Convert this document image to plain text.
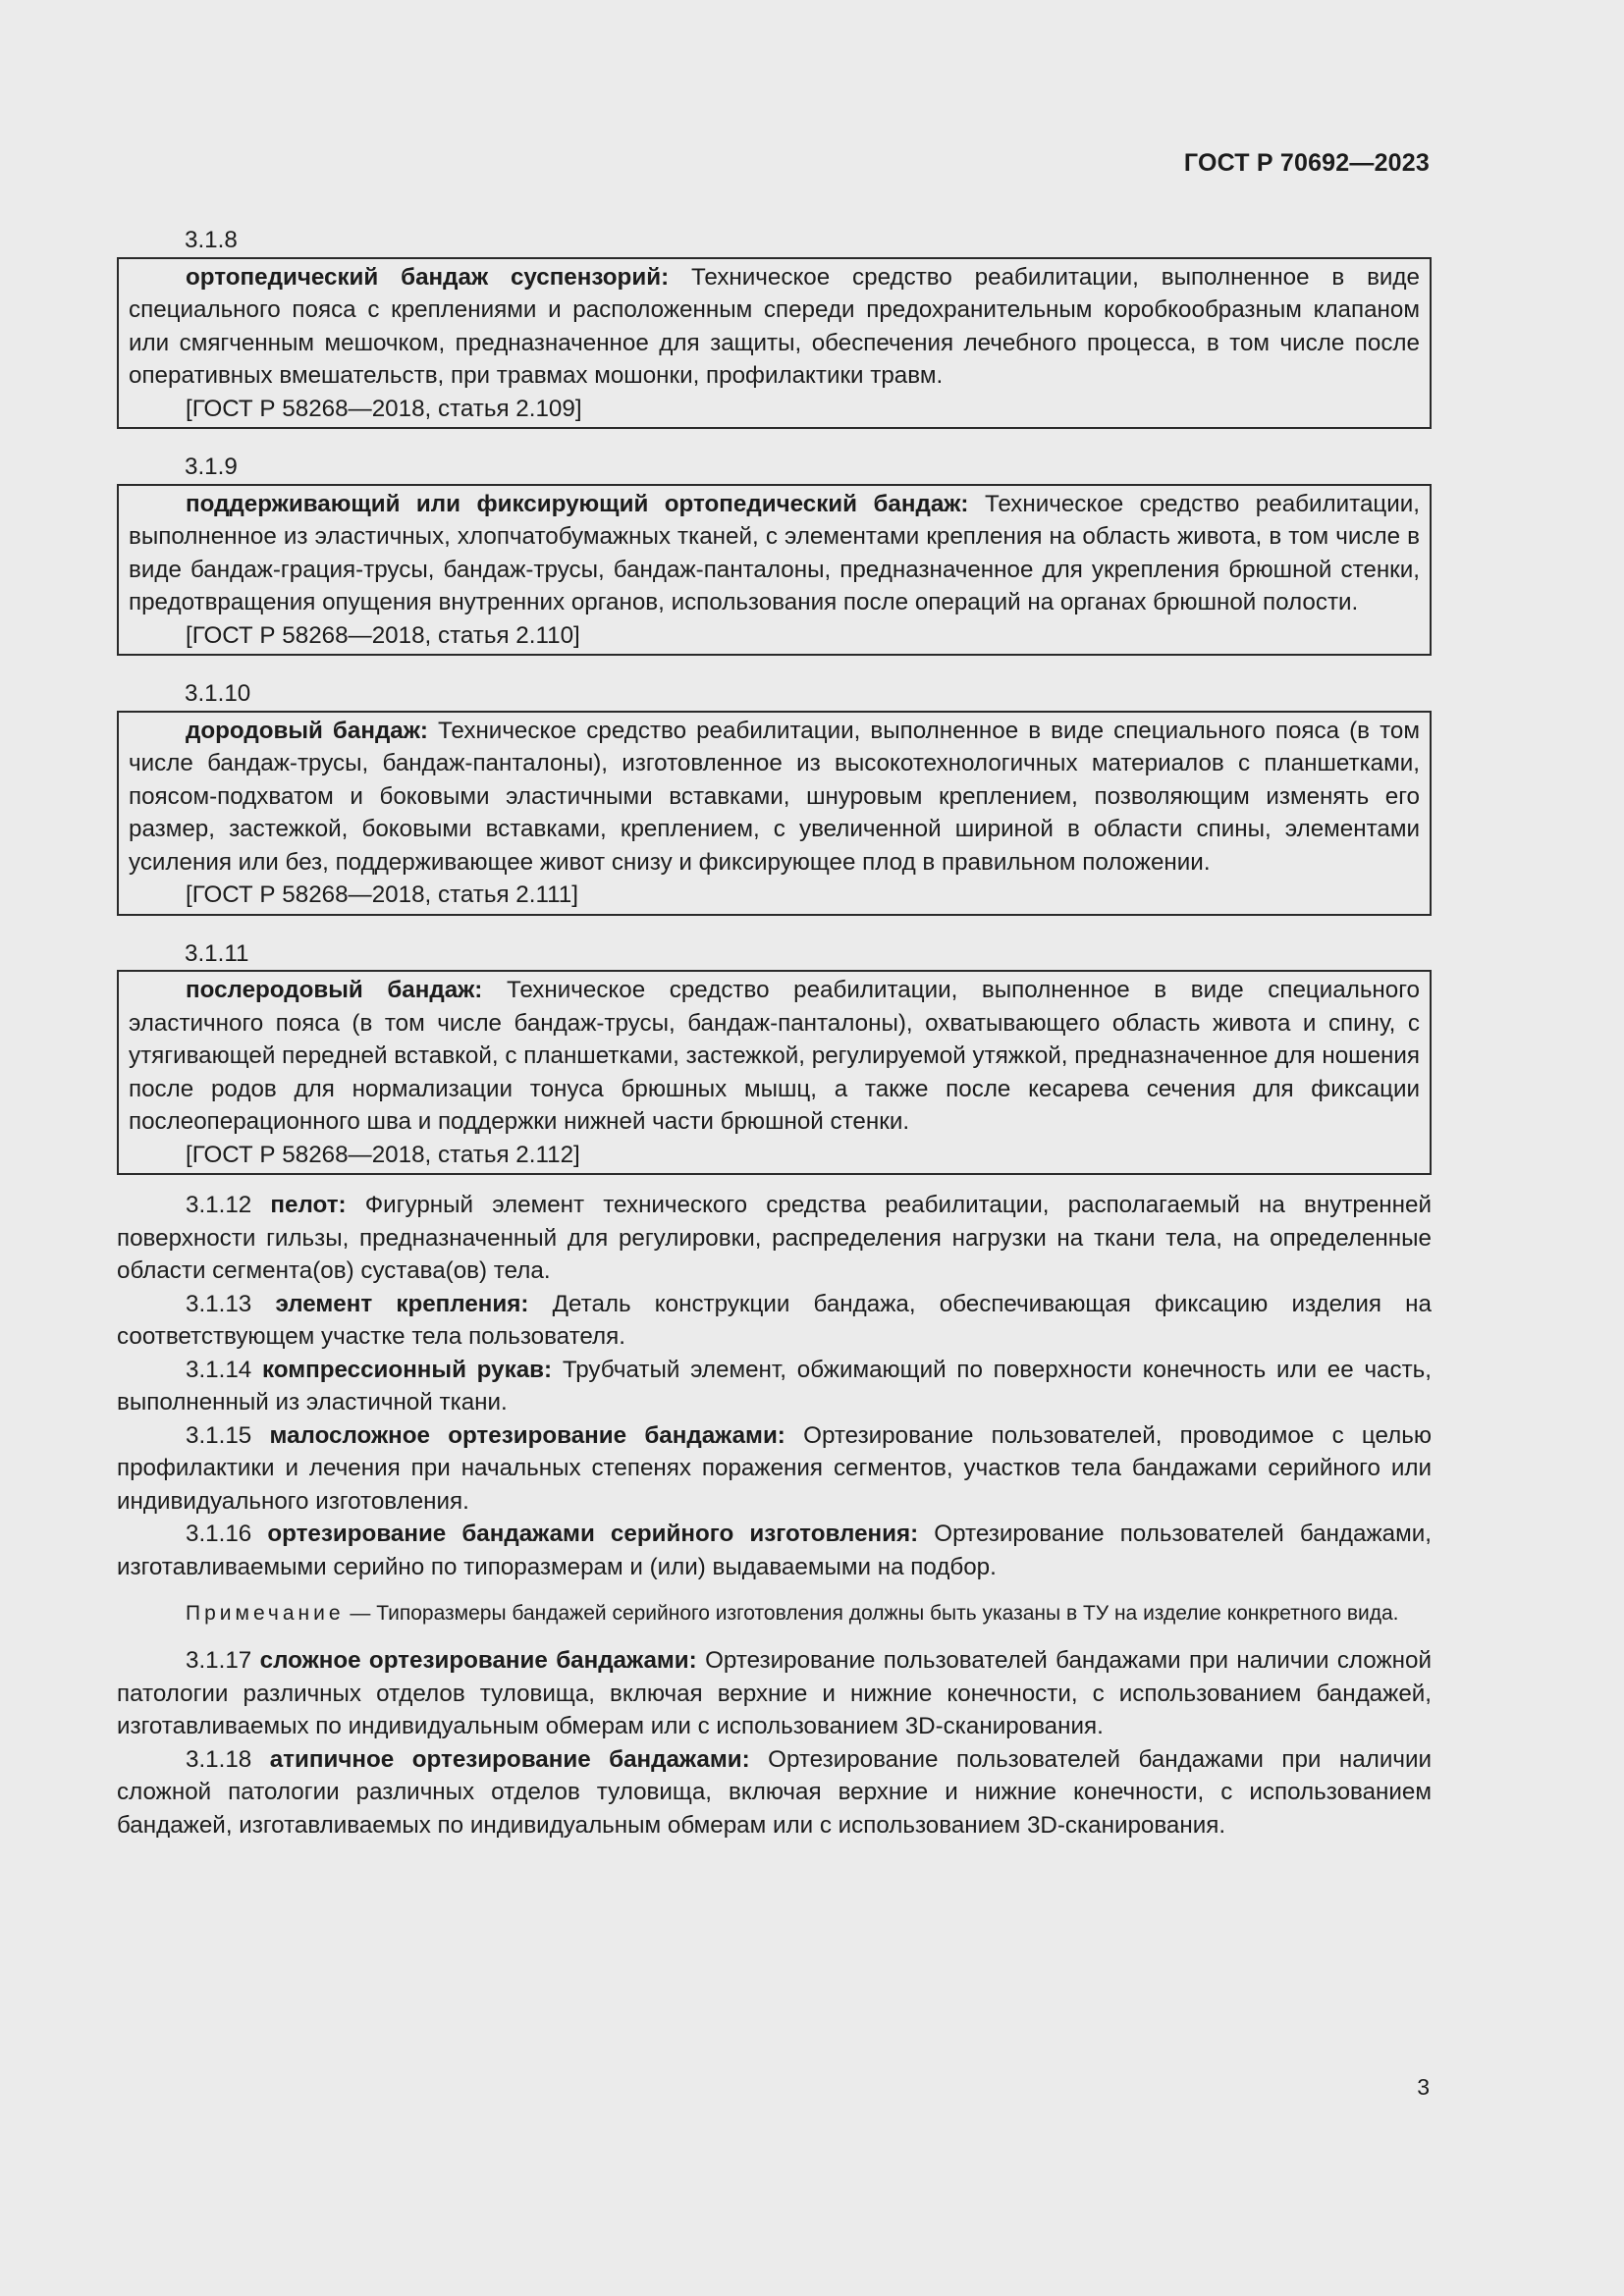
ГОСТ Р 70692—2023

3.1.8

ортопедический бандаж суспензорий: Техническое средство реабилитации, выполненное в виде специального пояса с креплениями и расположенным спереди предохранительным коробкообразным клапаном или смягченным мешочком, предназначенное для защиты, обеспечения лечебного процесса, в том числе после оперативных вмешательств, при травмах мошонки, профилактики травм.

[ГОСТ Р 58268—2018, статья 2.109]

3.1.9

поддерживающий или фиксирующий ортопедический бандаж: Техническое средство реабилитации, выполненное из эластичных, хлопчатобумажных тканей, с элементами крепления на область живота, в том числе в виде бандаж-грация-трусы, бандаж-трусы, бандаж-панталоны, предназначенное для укрепления брюшной стенки, предотвращения опущения внутренних органов, использования после операций на органах брюшной полости.

[ГОСТ Р 58268—2018, статья 2.110]

3.1.10

дородовый бандаж: Техническое средство реабилитации, выполненное в виде специального пояса (в том числе бандаж-трусы, бандаж-панталоны), изготовленное из высокотехнологичных материалов с планшетками, поясом-подхватом и боковыми эластичными вставками, шнуровым креплением, позволяющим изменять его размер, застежкой, боковыми вставками, креплением, с увеличенной шириной в области спины, элементами усиления или без, поддерживающее живот снизу и фиксирующее плод в правильном положении.

[ГОСТ Р 58268—2018, статья 2.111]

3.1.11

послеродовый бандаж: Техническое средство реабилитации, выполненное в виде специального эластичного пояса (в том числе бандаж-трусы, бандаж-панталоны), охватывающего область живота и спину, с утягивающей передней вставкой, с планшетками, застежкой, регулируемой утяжкой, предназначенное для ношения после родов для нормализации тонуса брюшных мышц, а также после кесарева сечения для фиксации послеоперационного шва и поддержки нижней части брюшной стенки.

[ГОСТ Р 58268—2018, статья 2.112]

3.1.12 пелот: Фигурный элемент технического средства реабилитации, располагаемый на внутренней поверхности гильзы, предназначенный для регулировки, распределения нагрузки на ткани тела, на определенные области сегмента(ов) сустава(ов) тела.

3.1.13 элемент крепления: Деталь конструкции бандажа, обеспечивающая фиксацию изделия на соответствующем участке тела пользователя.

3.1.14 компрессионный рукав: Трубчатый элемент, обжимающий по поверхности конечность или ее часть, выполненный из эластичной ткани.

3.1.15 малосложное ортезирование бандажами: Ортезирование пользователей, проводимое с целью профилактики и лечения при начальных степенях поражения сегментов, участков тела бандажами серийного или индивидуального изготовления.

3.1.16 ортезирование бандажами серийного изготовления: Ортезирование пользователей бандажами, изготавливаемыми серийно по типоразмерам и (или) выдаваемыми на подбор.

Примечание — Типоразмеры бандажей серийного изготовления должны быть указаны в ТУ на изделие конкретного вида.

3.1.17 сложное ортезирование бандажами: Ортезирование пользователей бандажами при наличии сложной патологии различных отделов туловища, включая верхние и нижние конечности, с использованием бандажей, изготавливаемых по индивидуальным обмерам или с использованием 3D-сканирования.

3.1.18 атипичное ортезирование бандажами: Ортезирование пользователей бандажами при наличии сложной патологии различных отделов туловища, включая верхние и нижние конечности, с использованием бандажей, изготавливаемых по индивидуальным обмерам или с использованием 3D-сканирования.

3
